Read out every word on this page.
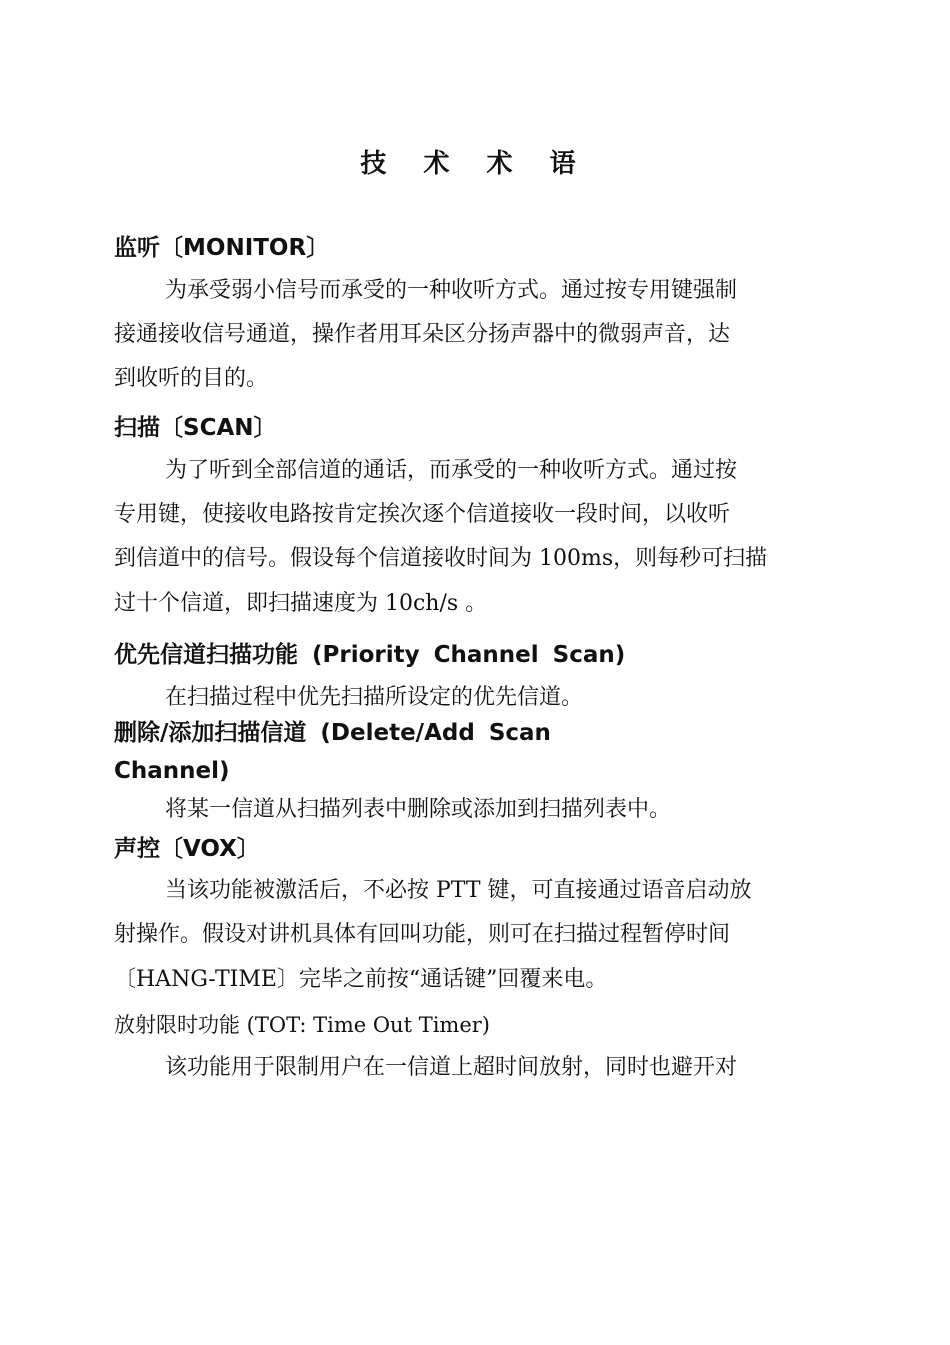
技 术 术 语
监听〔MONITOR〕
为承受弱小信号而承受的一种收听方式。通过按专用键强制
接通接收信号通道，操作者用耳朵区分扬声器中的微弱声音，达
到收听的目的。
扫描〔SCAN〕
为了听到全部信道的通话，而承受的一种收听方式。通过按
专用键，使接收电路按肯定挨次逐个信道接收一段时间，以收听
到信道中的信号。假设每个信道接收时间为 100ms，则每秒可扫描
过十个信道，即扫描速度为 10ch/s 。
优先信道扫描功能 (Priority Channel Scan)
在扫描过程中优先扫描所设定的优先信道。
删除/添加扫描信道 (Delete/Add Scan Channel)
将某一信道从扫描列表中删除或添加到扫描列表中。
声控〔VOX〕
当该功能被激活后，不必按 PTT 键，可直接通过语音启动放
射操作。假设对讲机具体有回叫功能，则可在扫描过程暂停时间
〔HANG-TIME〕完毕之前按“通话键”回覆来电。
放射限时功能 (TOT: Time Out Timer)
该功能用于限制用户在一信道上超时间放射，同时也避开对
